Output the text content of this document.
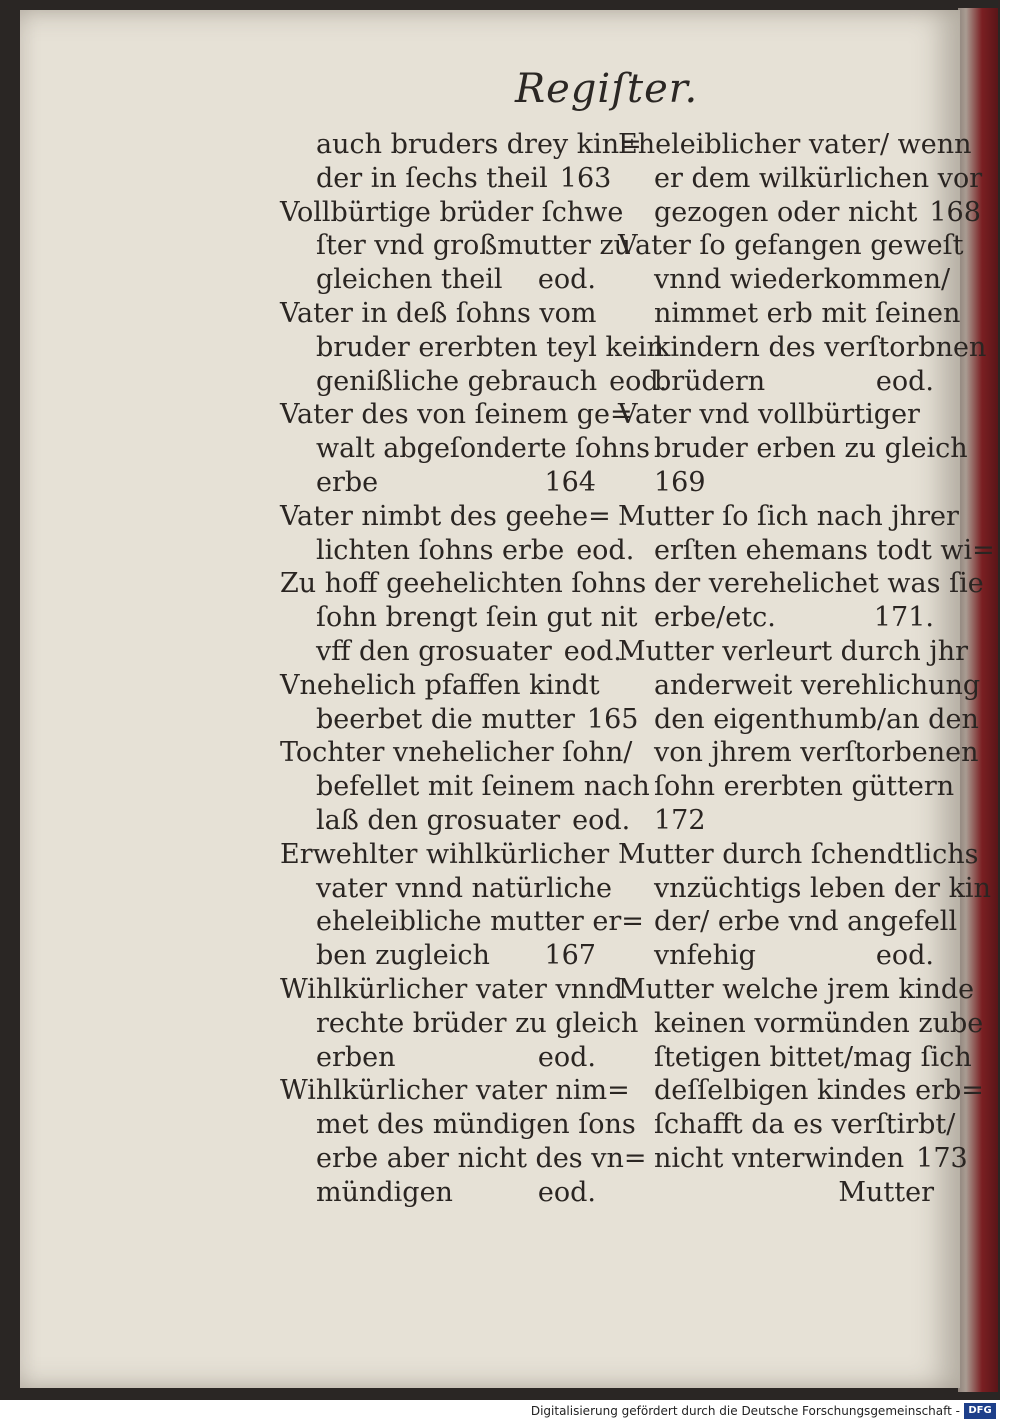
Regiſter.
auch bruders drey kin=
der in ſechs theil 163
Vollbürtige brüder ſchwe
ſter vnd großmutter zu
gleichen theil	eod.
Vater in deß ſohns vom
bruder ererbten teyl kein
genißliche gebrauch eod.
Vater des von ſeinem ge=
walt abgeſonderte ſohns
erbe	164
Vater nimbt des geehe=
lichten ſohns erbe eod.
Zu hoff geehelichten ſohns
ſohn brengt ſein gut nit
vff den grosuater eod.
Vnehelich pfaffen kindt
beerbet die mutter 165
Tochter vnehelicher ſohn/
befellet mit ſeinem nach
laß den grosuater eod.
Erwehlter wihlkürlicher
vater vnnd natürliche
eheleibliche mutter er=
ben zugleich	167
Wihlkürlicher vater vnnd
rechte brüder zu gleich
erben	eod.
Wihlkürlicher vater nim=
met des mündigen ſons
erbe aber nicht des vn=
mündigen	eod.
Eheleiblicher vater/ wenn
er dem wilkürlichen vor
gezogen oder nicht 168
Vater ſo gefangen geweſt
vnnd wiederkommen/
nimmet erb mit ſeinen
kindern des verſtorbnen
brüdern	eod.
Vater vnd vollbürtiger
bruder erben zu gleich
169
Mutter ſo ſich nach jhrer
erſten ehemans todt wi=
der verehelichet was ſie
erbe/etc.	171.
Mutter verleurt durch jhr
anderweit verehlichung
den eigenthumb/an den
von jhrem verſtorbenen
ſohn ererbten güttern
172
Mutter durch ſchendtlichs
vnzüchtigs leben der kin
der/ erbe vnd angefell
vnfehig	eod.
Mutter welche jrem kinde
keinen vormünden zube
ſtetigen bittet/mag ſich
deſſelbigen kindes erb=
ſchafft da es verſtirbt/
nicht vnterwinden 173
Mutter
Digitalisierung gefördert durch die Deutsche Forschungsgemeinschaft - DFG
